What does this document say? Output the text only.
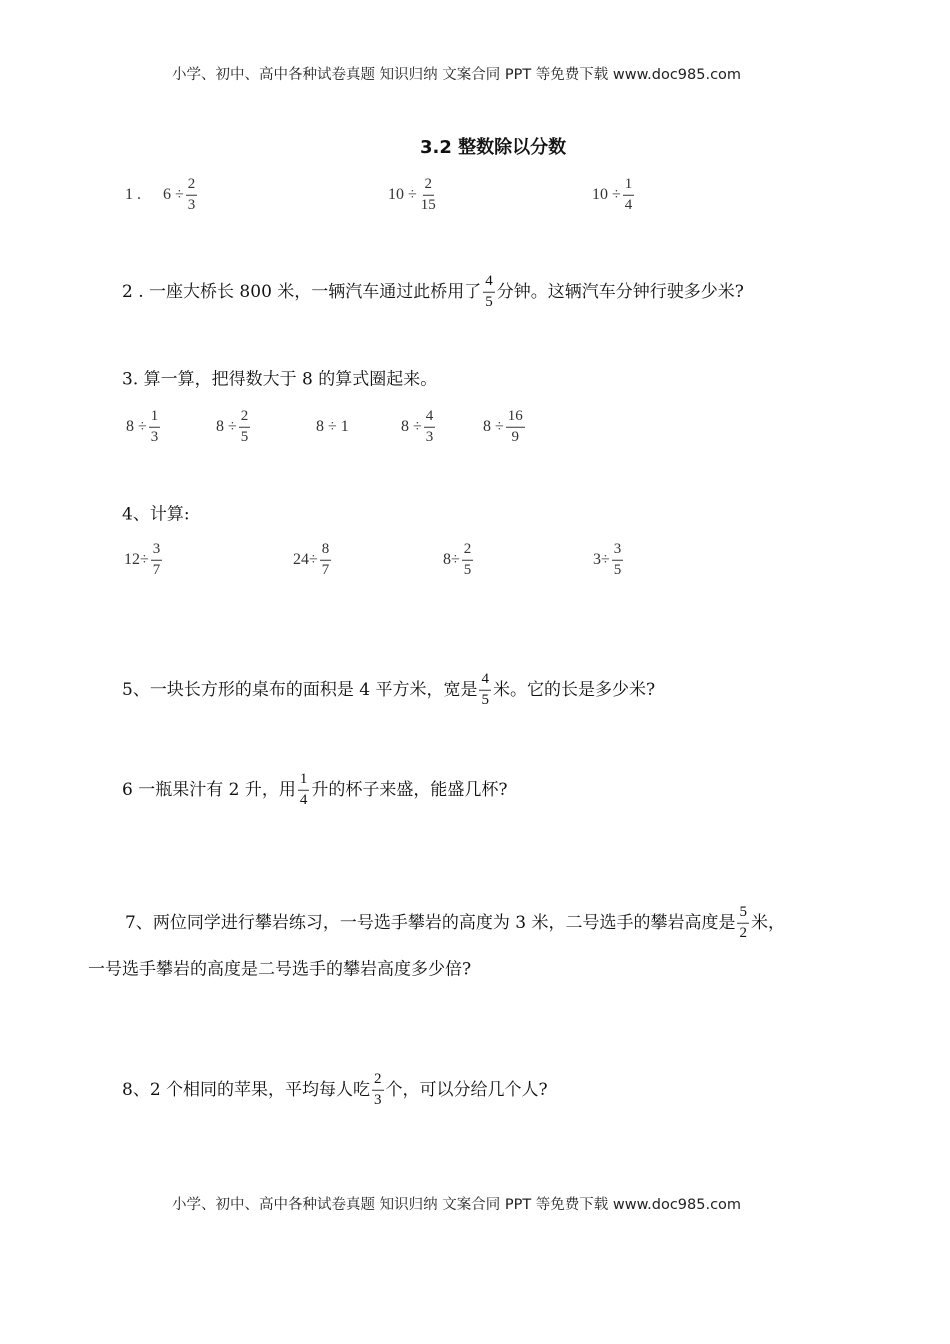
小学、初中、高中各种试卷真题 知识归纳 文案合同 PPT 等免费下载 www.doc985.com
3.2 整数除以分数
1 . $6 \div \frac{2}{3}$	$10 \div \frac{2}{15}$	$10 \div \frac{1}{4}$
2 . 一座大桥长 800 米，一辆汽车通过此桥用了 $\frac{4}{5}$ 分钟。这辆汽车分钟行驶多少米?
3. 算一算，把得数大于 8 的算式圈起来。
$8 \div \frac{1}{3}$	$8 \div \frac{2}{5}$	8 ÷ 1	$8 \div \frac{4}{3}$	$8 \div \frac{16}{9}$
4、计算:
$12\div \frac{3}{7}$	$24\div \frac{8}{7}$	$8\div \frac{2}{5}$	$3\div \frac{3}{5}$
5、一块长方形的桌布的面积是 4 平方米，宽是 $\frac{4}{5}$ 米。它的长是多少米?
6 一瓶果汁有 2 升，用 $\frac{1}{4}$ 升的杯子来盛，能盛几杯?
7、两位同学进行攀岩练习，一号选手攀岩的高度为 3 米，二号选手的攀岩高度是 $\frac{5}{2}$ 米，
一号选手攀岩的高度是二号选手的攀岩高度多少倍?
8、2 个相同的苹果，平均每人吃 $\frac{2}{3}$ 个，可以分给几个人?
小学、初中、高中各种试卷真题 知识归纳 文案合同 PPT 等免费下载 www.doc985.com
